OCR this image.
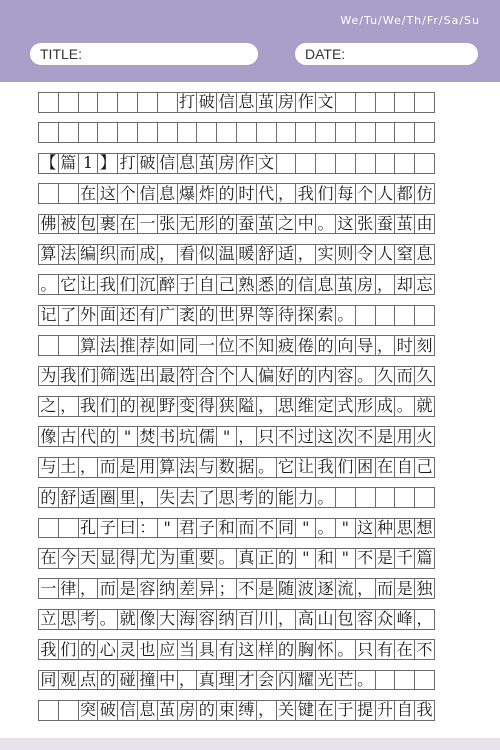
We/Tu/We/Th/Fr/Sa/Su
TITLE:	DATE:
打 破 信 息 茧 房 作 文
【 篇 1 】 打 破 信 息 茧 房 作 文
在 这 个 信 息 爆 炸 的 时 代 ， 我 们 每 个 人 都 仿
佛 被 包 裹 在 一 张 无 形 的 蚕 茧 之 中 。 这 张 蚕 茧 由
算 法 编 织 而 成 ， 看 似 温 暖 舒 适 ， 实 则 令 人 窒 息
。 它 让 我 们 沉 醉 于 自 己 熟 悉 的 信 息 茧 房 ， 却 忘
记 了 外 面 还 有 广 袤 的 世 界 等 待 探 索 。
算 法 推 荐 如 同 一 位 不 知 疲 倦 的 向 导 ， 时 刻
为 我 们 筛 选 出 最 符 合 个 人 偏 好 的 内 容 。 久 而 久
之 ， 我 们 的 视 野 变 得 狭 隘 ， 思 维 定 式 形 成 。 就
像 古 代 的 " 焚 书 坑 儒 " ， 只 不 过 这 次 不 是 用 火
与 土 ， 而 是 用 算 法 与 数 据 。 它 让 我 们 困 在 自 己
的 舒 适 圈 里 ， 失 去 了 思 考 的 能 力 。
孔 子 曰 ： " 君 子 和 而 不 同 " 。 " 这 种 思 想
在 今 天 显 得 尤 为 重 要 。 真 正 的 " 和 " 不 是 千 篇
一 律 ， 而 是 容 纳 差 异 ； 不 是 随 波 逐 流 ， 而 是 独
立 思 考 。 就 像 大 海 容 纳 百 川 ， 高 山 包 容 众 峰 ，
我 们 的 心 灵 也 应 当 具 有 这 样 的 胸 怀 。 只 有 在 不
同 观 点 的 碰 撞 中 ， 真 理 才 会 闪 耀 光 芒 。
突 破 信 息 茧 房 的 束 缚 ， 关 键 在 于 提 升 自 我
